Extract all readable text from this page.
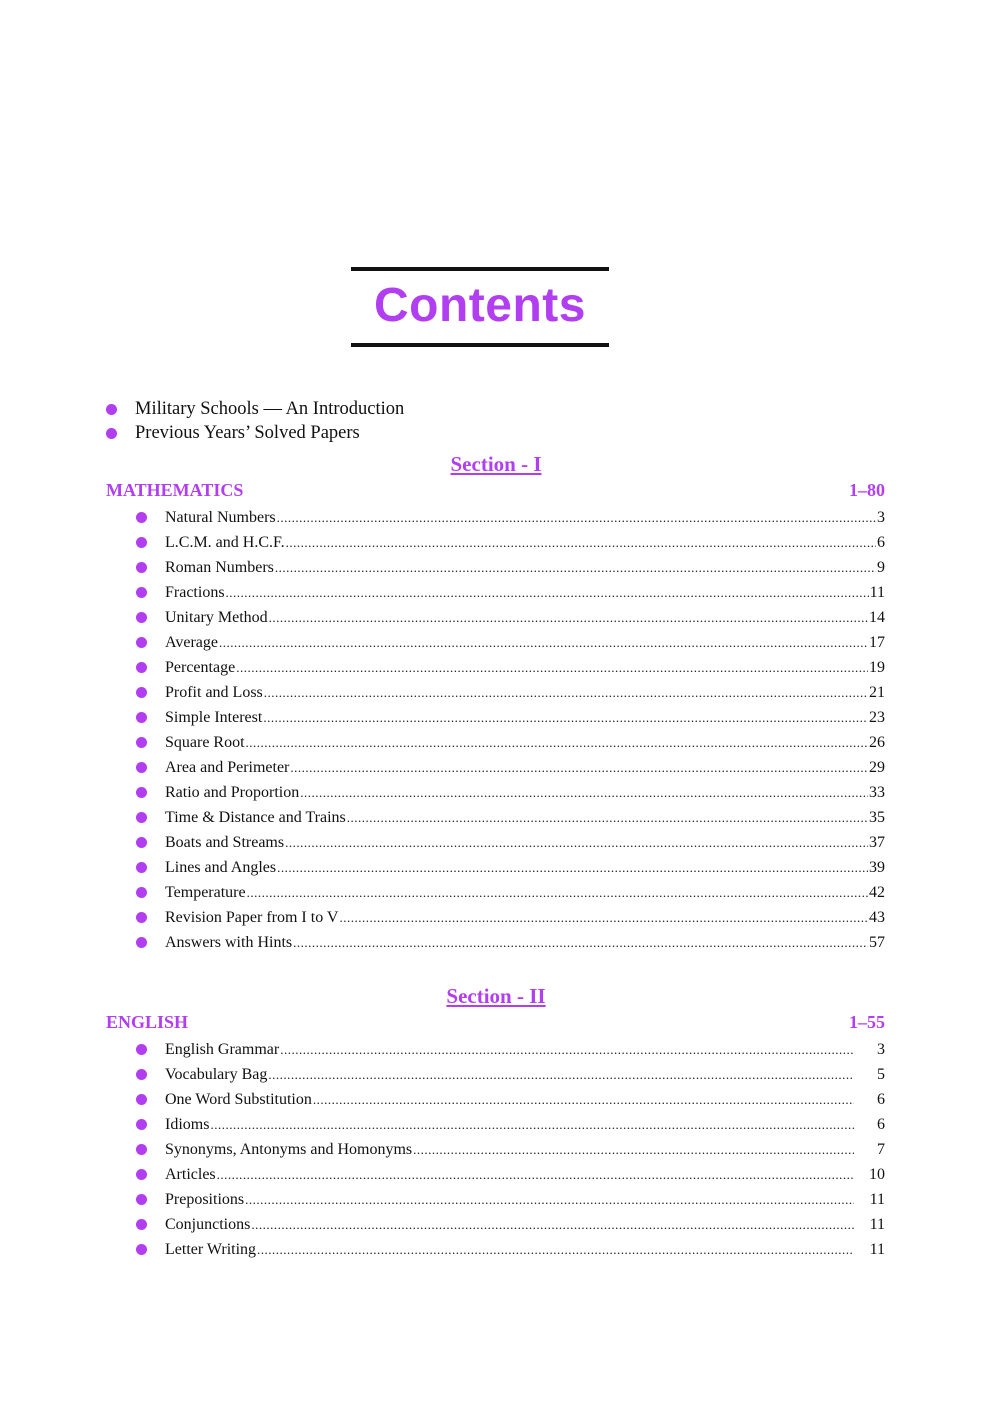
Contents
Military Schools — An Introduction
Previous Years’ Solved Papers
Section - I
MATHEMATICS	1–80
Natural Numbers .....	3
L.C.M. and H.C.F. .....	6
Roman Numbers .....	9
Fractions .....	11
Unitary Method .....	14
Average .....	17
Percentage .....	19
Profit and Loss .....	21
Simple Interest .....	23
Square Root .....	26
Area and Perimeter .....	29
Ratio and Proportion .....	33
Time & Distance and Trains .....	35
Boats and Streams .....	37
Lines and Angles .....	39
Temperature .....	42
Revision Paper from I to V .....	43
Answers with Hints .....	57
Section - II
ENGLISH	1–55
English Grammar .....	3
Vocabulary Bag .....	5
One Word Substitution .....	6
Idioms .....	6
Synonyms, Antonyms and Homonyms .....	7
Articles .....	10
Prepositions .....	11
Conjunctions .....	11
Letter Writing .....	11
